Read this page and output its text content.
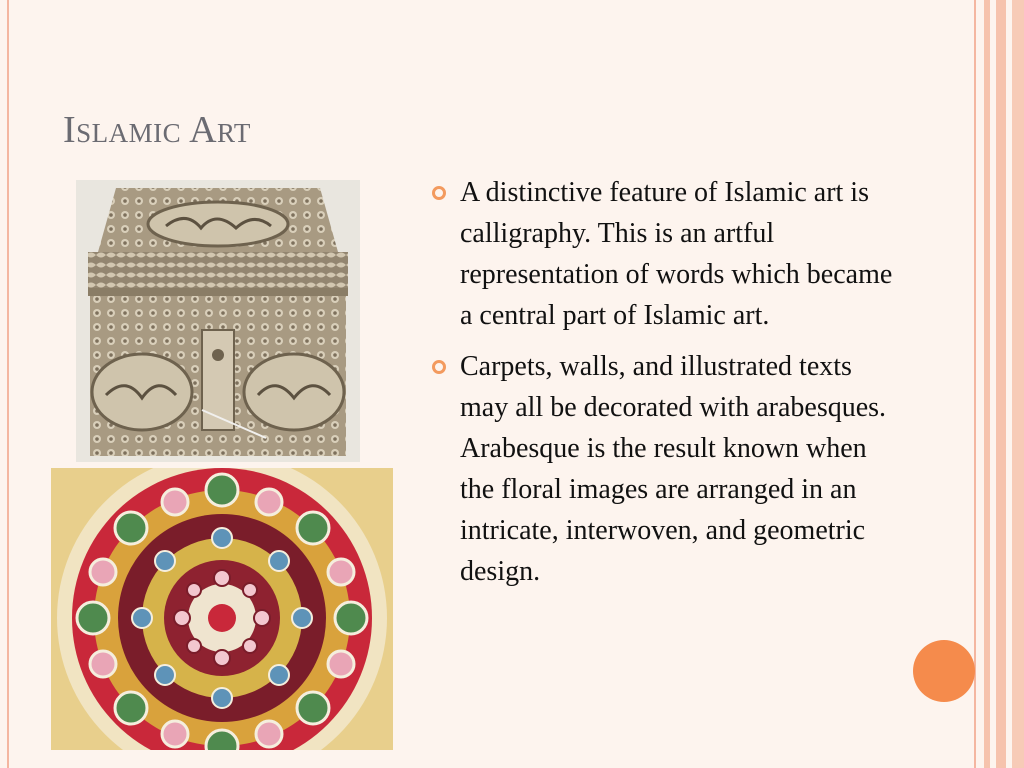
Islamic Art
A distinctive feature of Islamic art is calligraphy. This is an artful representation of words which became a central part of Islamic art.
Carpets, walls, and illustrated texts may all be decorated with arabesques. Arabesque is the result known when the floral images are arranged in an intricate, interwoven, and geometric design.
